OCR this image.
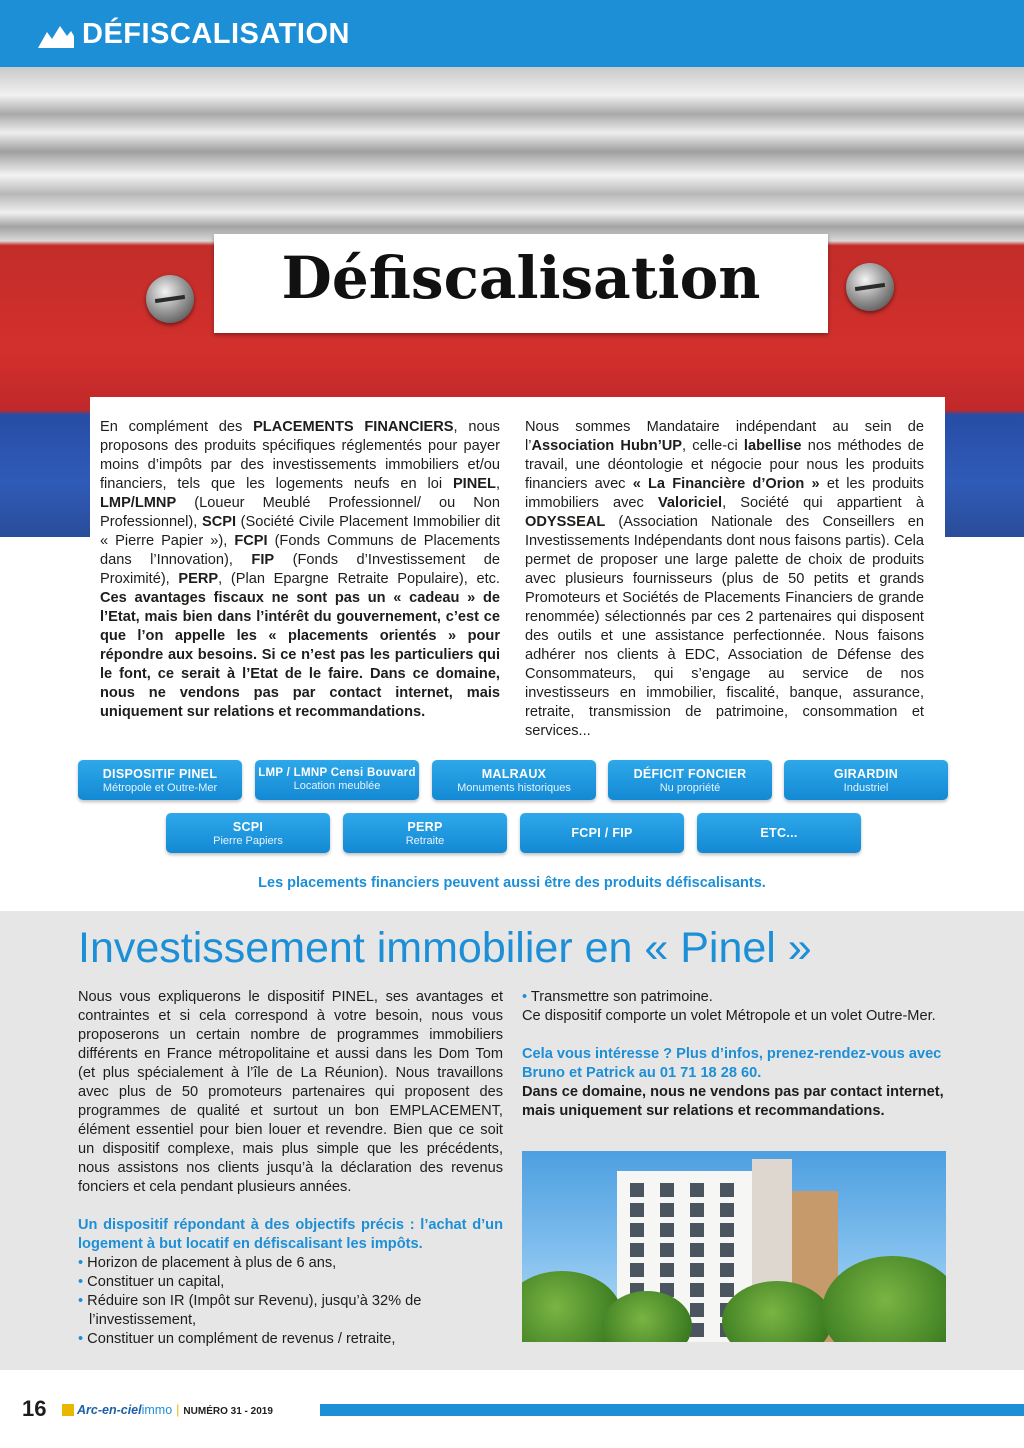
DÉFISCALISATION
Défiscalisation

En complément des PLACEMENTS FINANCIERS, nous proposons des produits spécifiques réglementés pour payer moins d’impôts par des investissements immobiliers et/ou financiers, tels que les logements neufs en loi PINEL, LMP/LMNP (Loueur Meublé Professionnel/ ou Non Professionnel), SCPI (Société Civile Placement Immobilier dit « Pierre Papier »), FCPI (Fonds Communs de Placements dans l’Innovation), FIP (Fonds d’Investissement de Proximité), PERP, (Plan Epargne Retraite Populaire), etc. Ces avantages fiscaux ne sont pas un « cadeau » de l’Etat, mais bien dans l’intérêt du gouvernement, c’est ce que l’on appelle les « placements orientés » pour répondre aux besoins. Si ce n’est pas les particuliers qui le font, ce serait à l’Etat de le faire. Dans ce domaine, nous ne vendons pas par contact internet, mais uniquement sur relations et recommandations.

Nous sommes Mandataire indépendant au sein de l’Association Hubn’UP, celle-ci labellise nos méthodes de travail, une déontologie et négocie pour nous les produits financiers avec « La Financière d’Orion » et les produits immobiliers avec Valoriciel, Société qui appartient à ODYSSEAL (Association Nationale des Conseillers en Investissements Indépendants dont nous faisons partis). Cela permet de proposer une large palette de choix de produits avec plusieurs fournisseurs (plus de 50 petits et grands Promoteurs et Sociétés de Placements Financiers de grande renommée) sélectionnés par ces 2 partenaires qui disposent des outils et une assistance perfectionnée. Nous faisons adhérer nos clients à EDC, Association de Défense des Consommateurs, qui s’engage au service de nos investisseurs en immobilier, fiscalité, banque, assurance, retraite, transmission de patrimoine, consommation et services...

DISPOSITIF PINEL
Métropole et Outre-Mer
LMP / LMNP Censi Bouvard
Location meublée
MALRAUX
Monuments historiques
DÉFICIT FONCIER
Nu propriété
GIRARDIN
Industriel
SCPI
Pierre Papiers
PERP
Retraite
FCPI / FIP	ETC...
Les placements financiers peuvent aussi être des produits défiscalisants.
Investissement immobilier en « Pinel »

Nous vous expliquerons le dispositif PINEL, ses avantages et contraintes et si cela correspond à votre besoin, nous vous proposerons un certain nombre de programmes immobiliers différents en France métropolitaine et aussi dans les Dom Tom (et plus spécialement à l’île de La Réunion). Nous travaillons avec plus de 50 promoteurs partenaires qui proposent des programmes de qualité et surtout un bon EMPLACEMENT, élément essentiel pour bien louer et revendre. Bien que ce soit un dispositif complexe, mais plus simple que les précédents, nous assistons nos clients jusqu’à la déclaration des revenus fonciers et cela pendant plusieurs années.

Un dispositif répondant à des objectifs précis : l’achat d’un logement à but locatif en défiscalisant les impôts.

• Horizon de placement à plus de 6 ans,

• Constituer un capital,

• Réduire son IR (Impôt sur Revenu), jusqu’à 32% de l’investissement,

• Constituer un complément de revenus / retraite,

• Transmettre son patrimoine.

Ce dispositif comporte un volet Métropole et un volet Outre-Mer.

Cela vous intéresse ? Plus d’infos, prenez-rendez-vous avec Bruno et Patrick au 01 71 18 28 60.

Dans ce domaine, nous ne vendons pas par contact internet, mais uniquement sur relations et recommandations.

16	Arc-en-cielimmo | NUMÉRO 31 - 2019
